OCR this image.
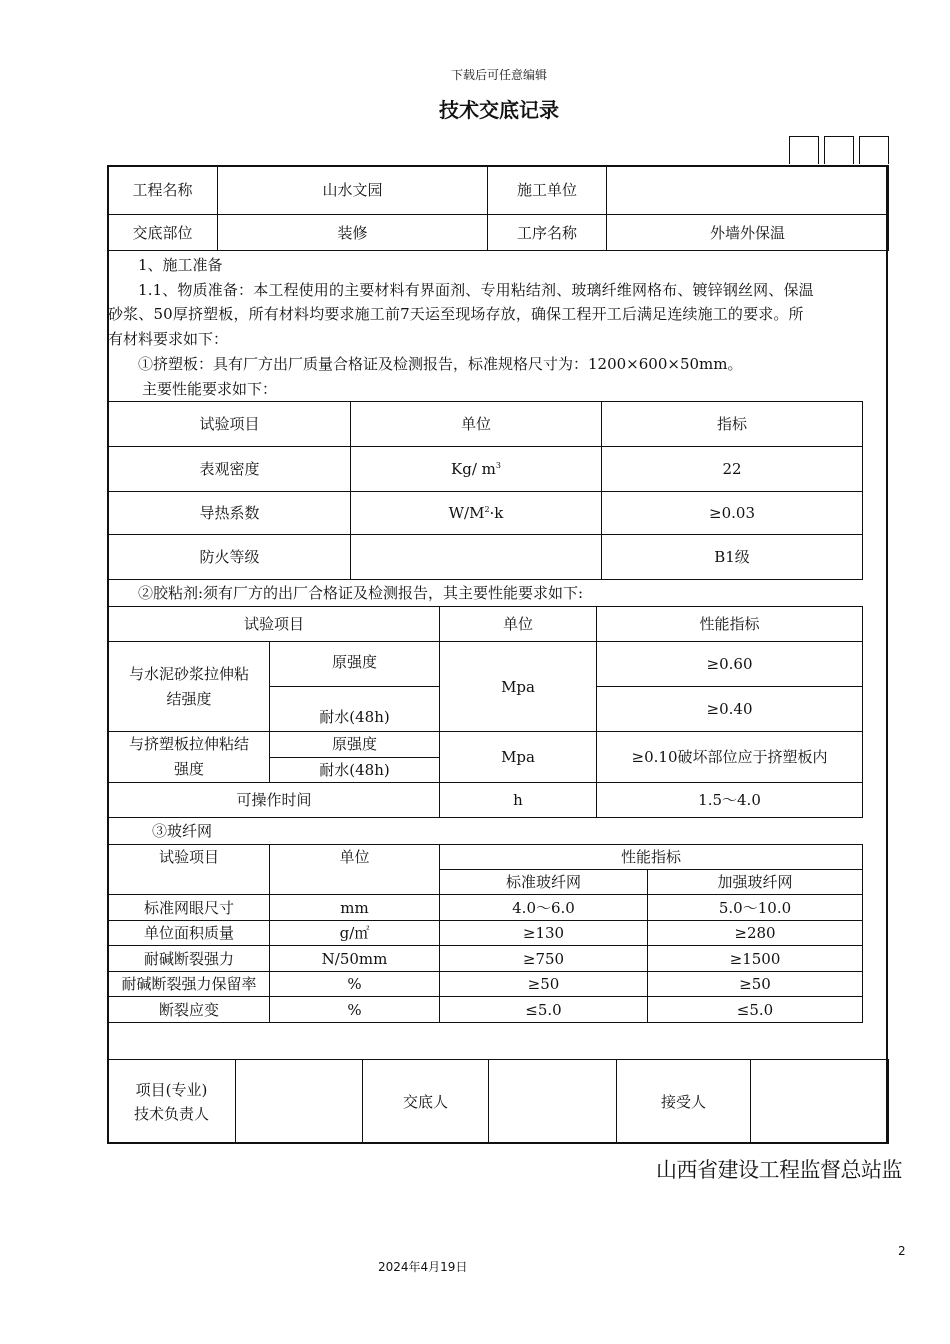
下载后可任意编辑
技术交底记录
工程名称	山水文园	施工单位	
交底部位	装修	工序名称	外墙外保温
1、施工准备
1.1、物质准备：本工程使用的主要材料有界面剂、专用粘结剂、玻璃纤维网格布、镀锌钢丝网、保温
砂浆、50厚挤塑板，所有材料均要求施工前7天运至现场存放，确保工程开工后满足连续施工的要求。所
有材料要求如下：
①挤塑板：具有厂方出厂质量合格证及检测报告，标准规格尺寸为：1200×600×50mm。
主要性能要求如下：
试验项目	单位	指标
表观密度	Kg/ $m^3$	22
导热系数	$W/M^2\cdot k$	≥0.03
防火等级		B1级
②胶粘剂:须有厂方的出厂合格证及检测报告，其主要性能要求如下:
试验项目		单位	性能指标

与水泥砂浆拉伸粘结强度	原强度	Mpa	≥0.60
	耐水(48h)		≥0.40

与挤塑板拉伸粘结强度	原强度	Mpa	≥0.10破坏部位应于挤塑板内
	耐水(48h)		
可操作时间		h	1.5～4.0
③玻纤网
试验项目	单位	性能指标	
		标准玻纤网	加强玻纤网
标准网眼尺寸	mm	4.0～6.0	5.0～10.0
单位面积质量	g/㎡	≥130	≥280
耐碱断裂强力	N/50mm	≥750	≥1500
耐碱断裂强力保留率	%	≥50	≥50
断裂应变	%	≤5.0	≤5.0
项目(专业)
技术负责人
		交底人		接受人	
山西省建设工程监督总站监
2
2024年4月19日
